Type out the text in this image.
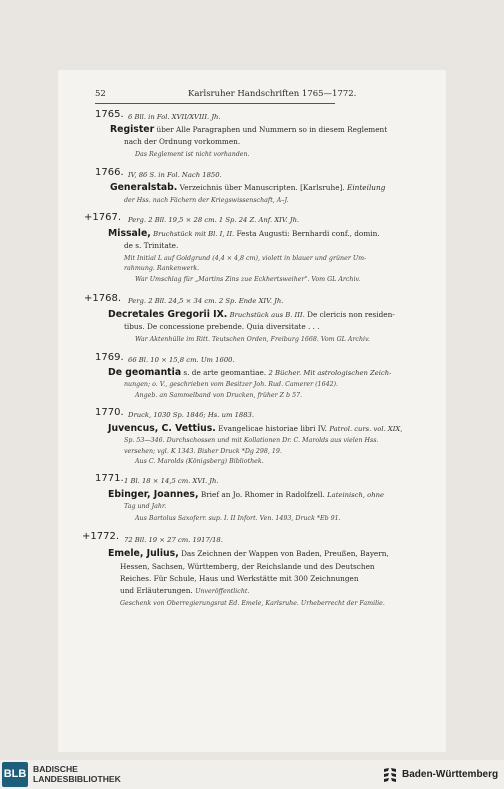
52	Karlsruher Handschriften 1765—1772.
1765. 6 Bll. in Fol. XVII/XVIII. Jh.
Register über Alle Paragraphen und Nummern so in diesem Reglement
nach der Ordnung vorkommen.
Das Reglement ist nicht vorhanden.
1766. IV, 86 S. in Fol. Nach 1850.
Generalstab. Verzeichnis über Manuscripten. [Karlsruhe]. Einteilung
der Hss. nach Fächern der Kriegswissenschaft, A–J.
+1767. Perg. 2 Bll. 19,5 × 28 cm. 1 Sp. 24 Z. Anf. XIV. Jh.
Missale, Bruchstück mit Bl. I, II. Festa Augusti: Bernhardi conf., domin.
de s. Trinitate.
Mit Initial L auf Goldgrund (4,4 × 4,8 cm), violett in blauer und grüner Um-
rahmung. Rankenwerk.
War Umschlag für „Martins Zins zue Eckhertsweiher". Vom GL Archiv.
+1768. Perg. 2 Bll. 24,5 × 34 cm. 2 Sp. Ende XIV. Jh.
Decretales Gregorii IX. Bruchstück aus B. III. De clericis non residen-
tibus. De concessione prebende. Quia diversitate . . .
War Aktenhülle im Ritt. Teutschen Orden, Freiburg 1668. Vom GL Archiv.
1769. 66 Bl. 10 × 15,8 cm. Um 1600.
De geomantia s. de arte geomantiae. 2 Bücher. Mit astrologischen Zeich-
nungen; o. V., geschrieben vom Besitzer Joh. Rud. Camerer (1642).
Angeb. an Sammelband von Drucken, früher Z b 57.
1770. Druck, 1030 Sp. 1846; Hs. um 1883.
Juvencus, C. Vettius. Evangelicae historiae libri IV. Patrol. curs. vol. XIX,
Sp. 53—346. Durchschossen und mit Kollationen Dr. C. Marolds aus vielen Hss.
versehen; vgl. K 1343. Bisher Druck *Dg 298, 19.
Aus C. Marolds (Königsberg) Bibliothek.
1771. 1 Bl. 18 × 14,5 cm. XVI. Jh.
Ebinger, Joannes, Brief an Jo. Rhomer in Radolfzell. Lateinisch, ohne
Tag und Jahr.
Aus Bartolus Saxoferr. sup. I. II Infort. Ven. 1493, Druck *Eb 91.
+1772. 72 Bll. 19 × 27 cm. 1917/18.
Emele, Julius, Das Zeichnen der Wappen von Baden, Preußen, Bayern,
Hessen, Sachsen, Württemberg, der Reichslande und des Deutschen
Reiches. Für Schule, Haus und Werkstätte mit 300 Zeichnungen
und Erläuterungen. Unveröffentlicht.
Geschenk von Oberregierungsrat Ed. Emele, Karlsruhe. Urheberrecht der Familie.
BLB BADISCHE
LANDESBIBLIOTHEK	Baden-Württemberg
